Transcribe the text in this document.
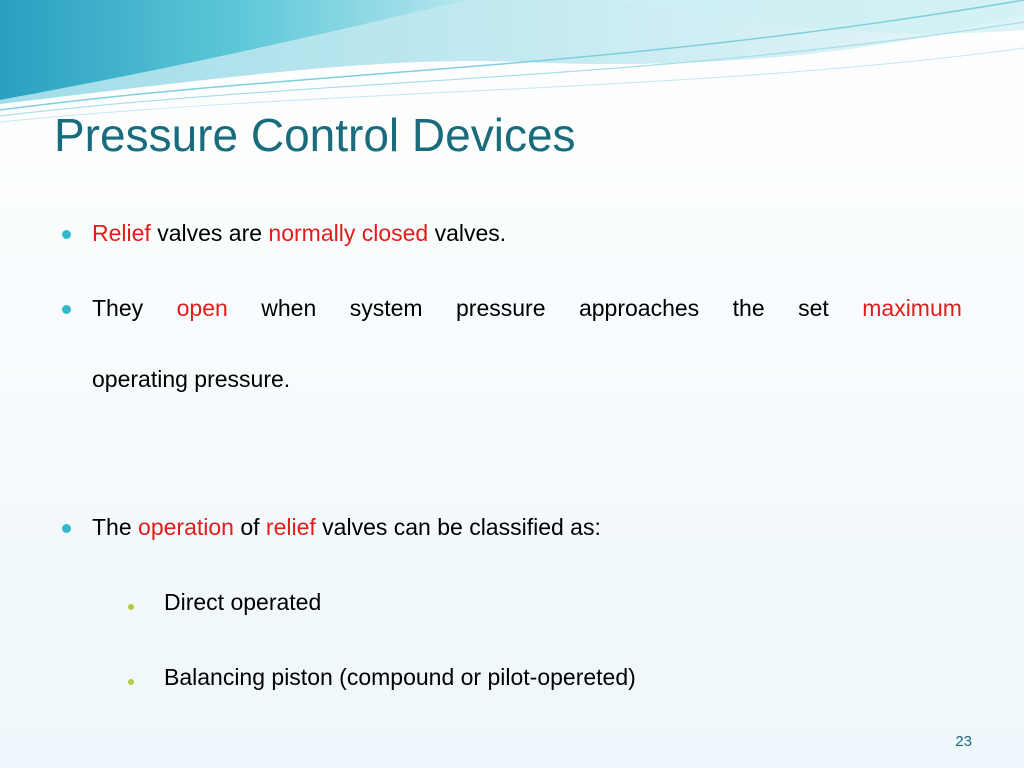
Pressure Control Devices
Relief valves are normally closed valves.
They open when system pressure approaches the set maximum
operating pressure.
The operation of relief valves can be classified as:
Direct operated
Balancing piston (compound or pilot-opereted)
23
